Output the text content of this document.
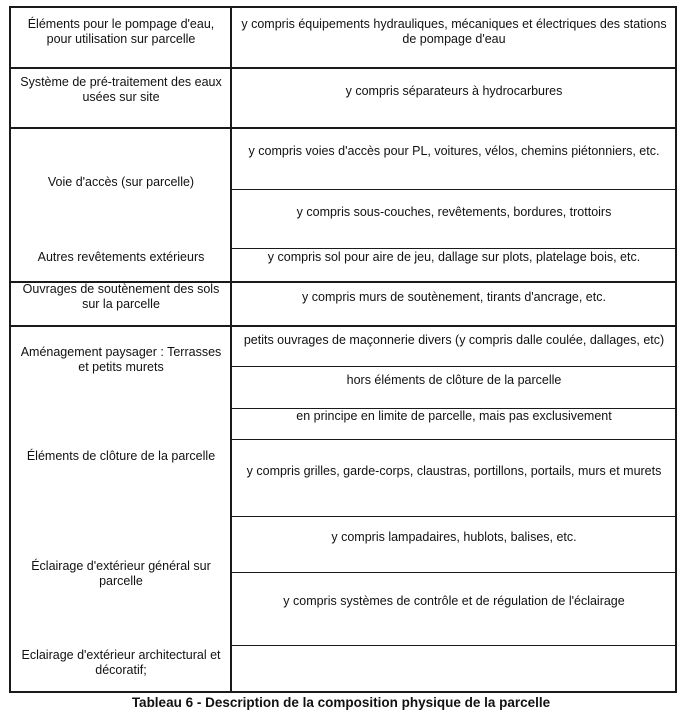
Éléments pour le pompage d'eau, pour utilisation sur parcelle
Système de pré-traitement des eaux usées sur site
Voie d'accès (sur parcelle)
Autres revêtements extérieurs
Ouvrages de soutènement des sols sur la parcelle
Aménagement paysager : Terrasses et petits murets
Éléments de clôture de la parcelle
Éclairage d'extérieur général sur parcelle
Eclairage d'extérieur architectural et décoratif;
y compris équipements hydrauliques, mécaniques et électriques des stations de pompage d'eau
y compris séparateurs à hydrocarbures
y compris voies d'accès pour PL, voitures, vélos, chemins piétonniers, etc.
y compris sous-couches, revêtements, bordures, trottoirs
y compris sol pour aire de jeu, dallage sur plots, platelage bois, etc.
y compris murs de soutènement, tirants d'ancrage, etc.
petits ouvrages de maçonnerie divers (y compris dalle coulée, dallages, etc)
hors éléments de clôture de la parcelle
en principe en limite de parcelle, mais pas exclusivement
y compris grilles, garde-corps, claustras, portillons, portails, murs et murets
y compris lampadaires, hublots, balises, etc.
y compris systèmes de contrôle et de régulation de l'éclairage
Tableau 6 - Description de la composition physique de la parcelle
